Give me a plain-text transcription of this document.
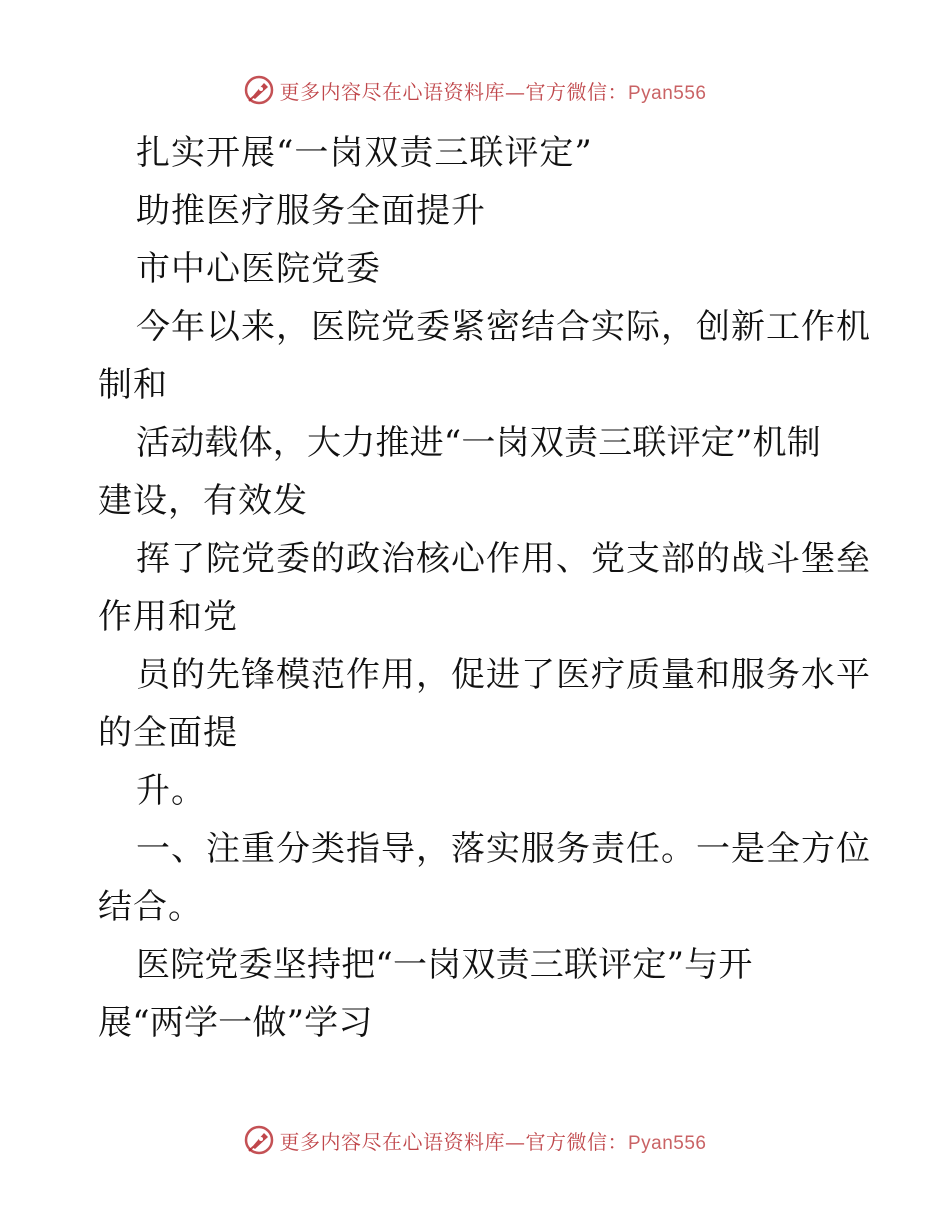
更多内容尽在心语资料库—官方微信：Pyan556
扎实开展“一岗双责三联评定”
助推医疗服务全面提升
市中心医院党委
今年以来，医院党委紧密结合实际，创新工作机
制和
活动载体，大力推进“一岗双责三联评定”机制
建设，有效发
挥了院党委的政治核心作用、党支部的战斗堡垒
作用和党
员的先锋模范作用，促进了医疗质量和服务水平
的全面提
升。
一、注重分类指导，落实服务责任。一是全方位
结合。
医院党委坚持把“一岗双责三联评定”与开
展“两学一做”学习
更多内容尽在心语资料库—官方微信：Pyan556
